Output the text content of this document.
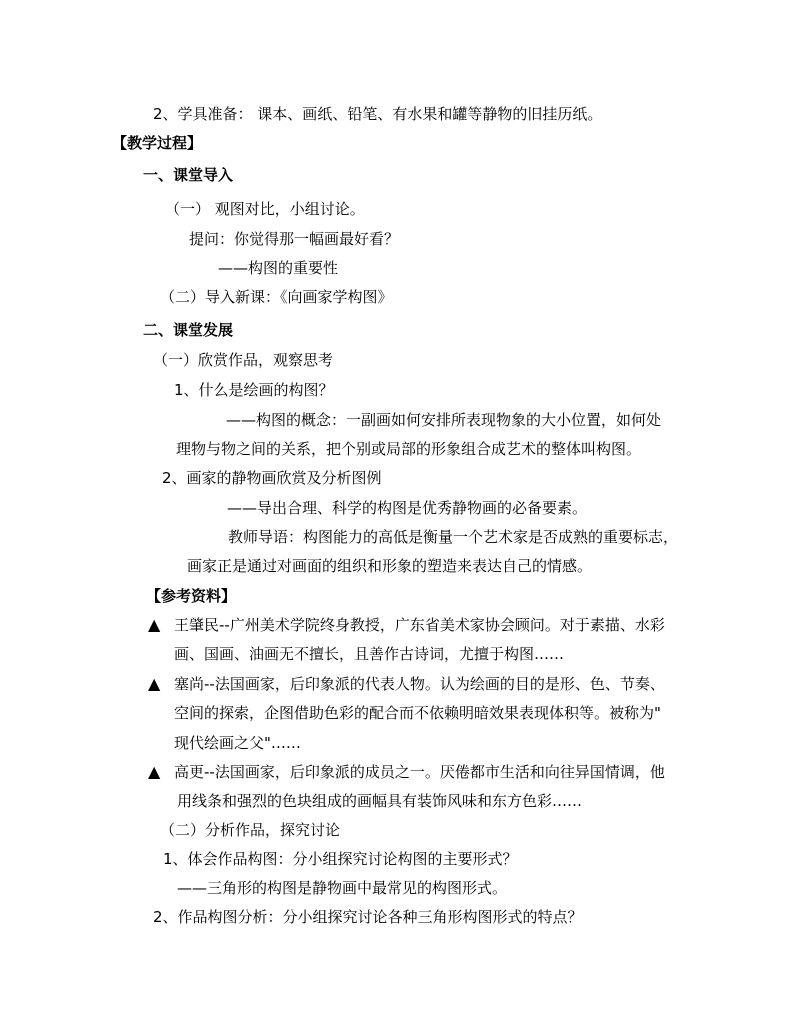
2、学具准备： 课本、画纸、铅笔、有水果和罐等静物的旧挂历纸。
【教学过程】
一、课堂导入
（一） 观图对比，小组讨论。
提问：你觉得那一幅画最好看？
——构图的重要性
（二）导入新课：《向画家学构图》
二、课堂发展
（一）欣赏作品，观察思考
1、什么是绘画的构图？
——构图的概念：一副画如何安排所表现物象的大小位置，如何处
理物与物之间的关系，把个别或局部的形象组合成艺术的整体叫构图。
2、画家的静物画欣赏及分析图例
——导出合理、科学的构图是优秀静物画的必备要素。
教师导语：构图能力的高低是衡量一个艺术家是否成熟的重要标志，
画家正是通过对画面的组织和形象的塑造来表达自己的情感。
【参考资料】
▲ 王肇民--广州美术学院终身教授，广东省美术家协会顾问。对于素描、水彩
画、国画、油画无不擅长，且善作古诗词，尤擅于构图……
▲ 塞尚--法国画家，后印象派的代表人物。认为绘画的目的是形、色、节奏、
空间的探索，企图借助色彩的配合而不依赖明暗效果表现体积等。被称为"
现代绘画之父"……
▲ 高更--法国画家，后印象派的成员之一。厌倦都市生活和向往异国情调，他
用线条和强烈的色块组成的画幅具有装饰风味和东方色彩……
（二）分析作品，探究讨论
1、体会作品构图：分小组探究讨论构图的主要形式？
——三角形的构图是静物画中最常见的构图形式。
2、作品构图分析：分小组探究讨论各种三角形构图形式的特点？
